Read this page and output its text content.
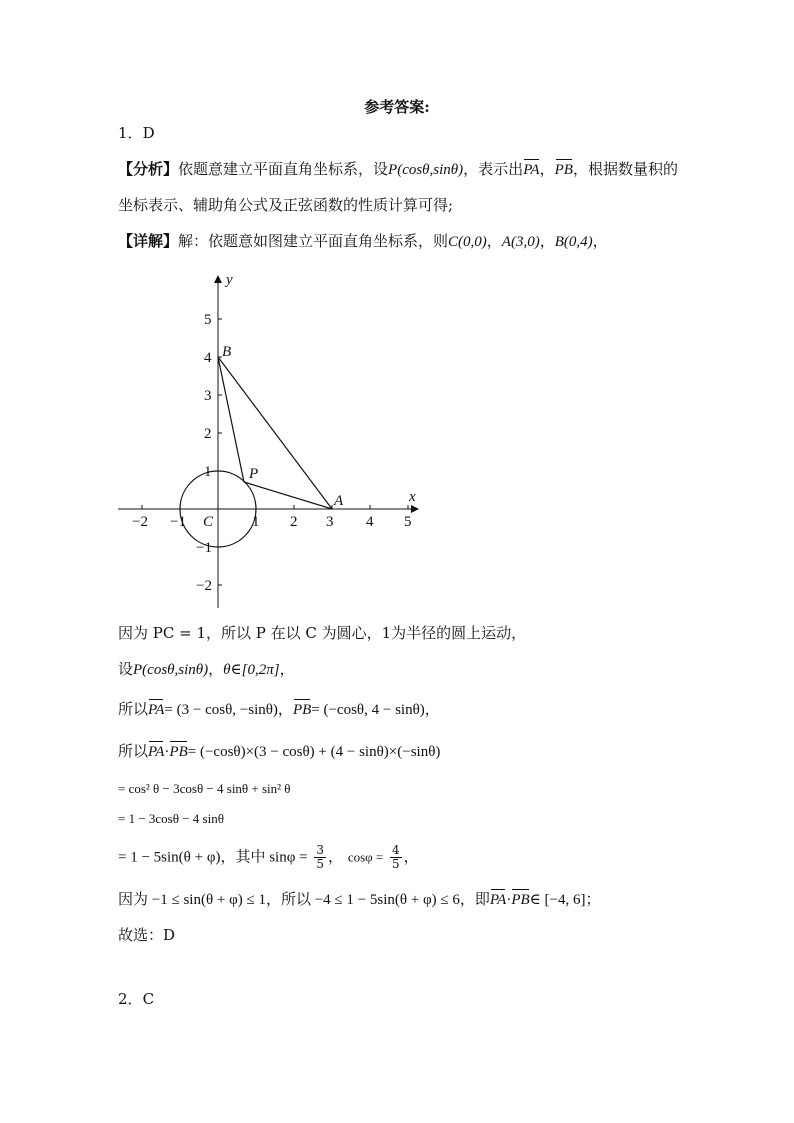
参考答案:
1．D
【分析】依题意建立平面直角坐标系，设P(cosθ,sinθ)，表示出PA，PB，根据数量积的
坐标表示、辅助角公式及正弦函数的性质计算可得;
【详解】解：依题意如图建立平面直角坐标系，则C(0,0)，A(3,0)，B(0,4)，
−2 −1	1 2 3 4 5
5
4
3
2
1
−1
−2
x
y
C
A
B
P
因为 PC = 1，所以 P 在以 C 为圆心，1为半径的圆上运动，
设P(cosθ,sinθ)，θ∈[0,2π]，
所以PA= (3 − cosθ, −sinθ)，PB= (−cosθ, 4 − sinθ)，
所以PA·PB= (−cosθ)×(3 − cosθ) + (4 − sinθ)×(−sinθ)
= cos² θ − 3cosθ − 4 sinθ + sin² θ
= 1 − 3cosθ − 4 sinθ
= 1 − 5sin(θ + φ)，其中 $\sin\varphi = \frac{3}{5}$ ， $\cos\varphi = \frac{4}{5}$ ，
因为 −1 ≤ sin(θ + φ) ≤ 1，所以 −4 ≤ 1 − 5sin(θ + φ) ≤ 6，即PA·PB∈ [−4, 6]；
故选：D
2．C
